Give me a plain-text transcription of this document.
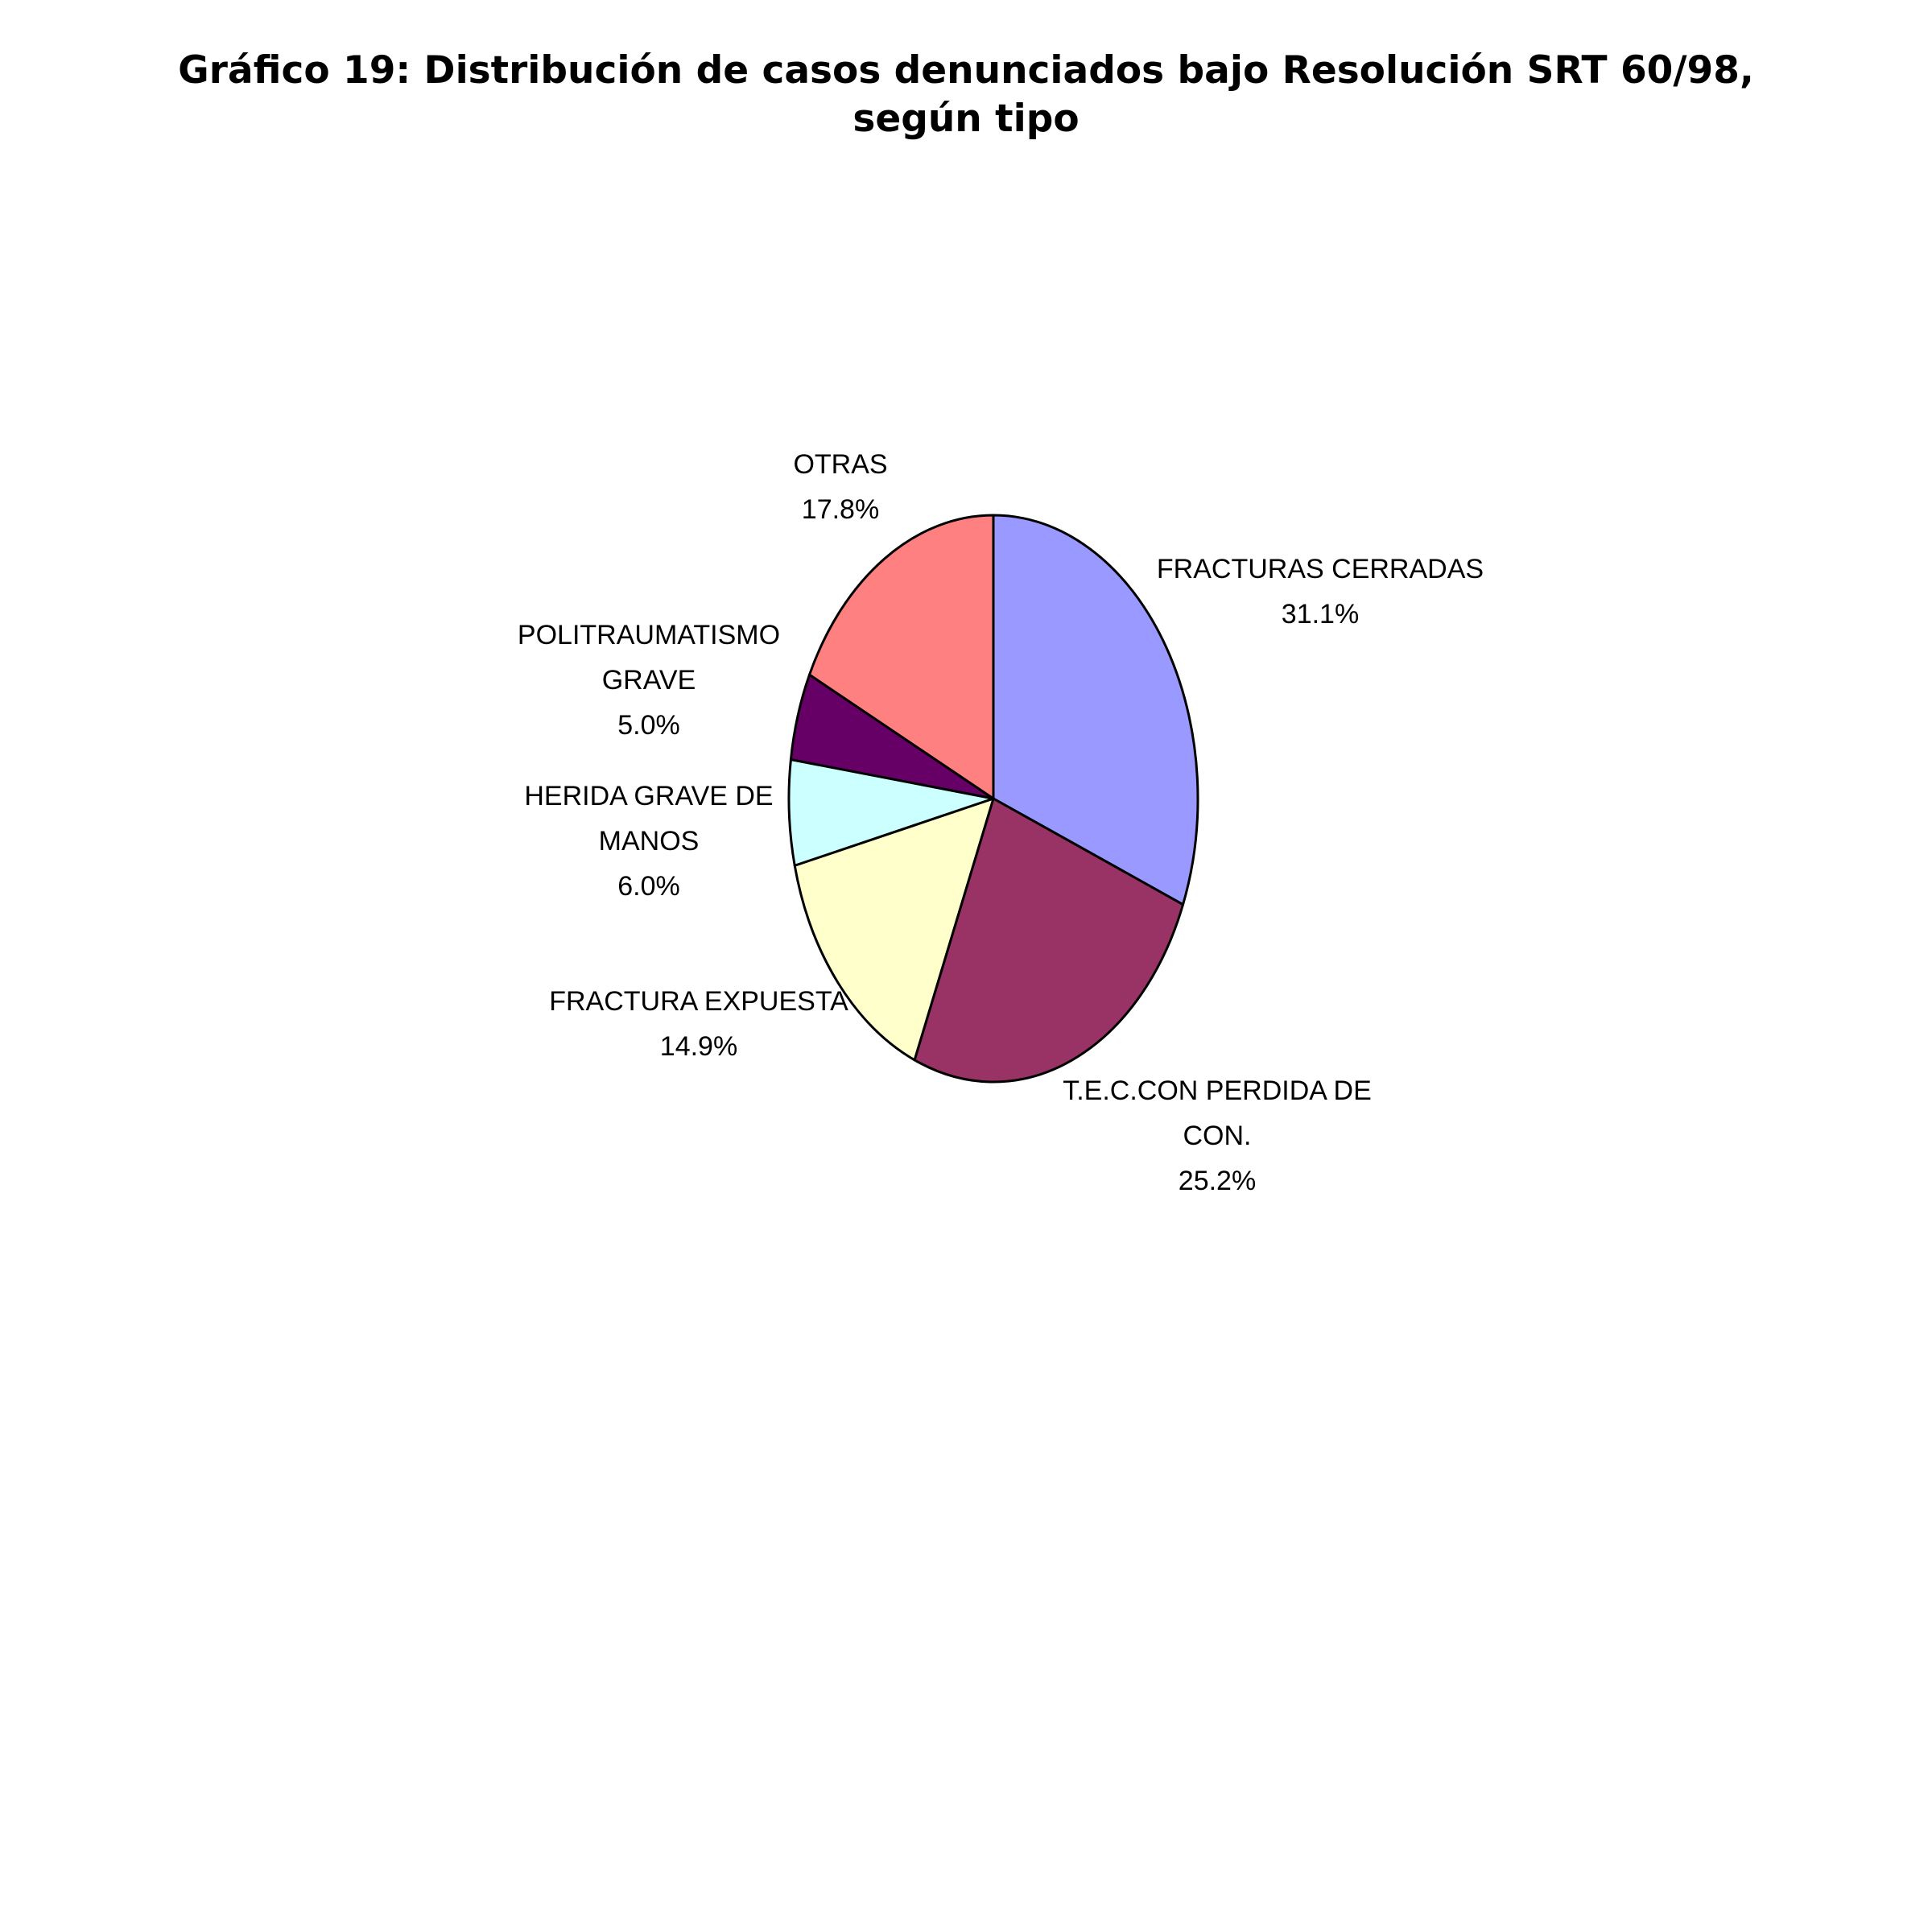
Gráfico 19: Distribución de casos denunciados bajo Resolución SRT 60/98,
según tipo
FRACTURAS CERRADAS 31.1%
T.E.C.CON PERDIDA DE CON. 25.2%
FRACTURA EXPUESTA 14.9%
HERIDA GRAVE DE MANOS 6.0%
POLITRAUMATISMO GRAVE 5.0%
OTRAS 17.8%
